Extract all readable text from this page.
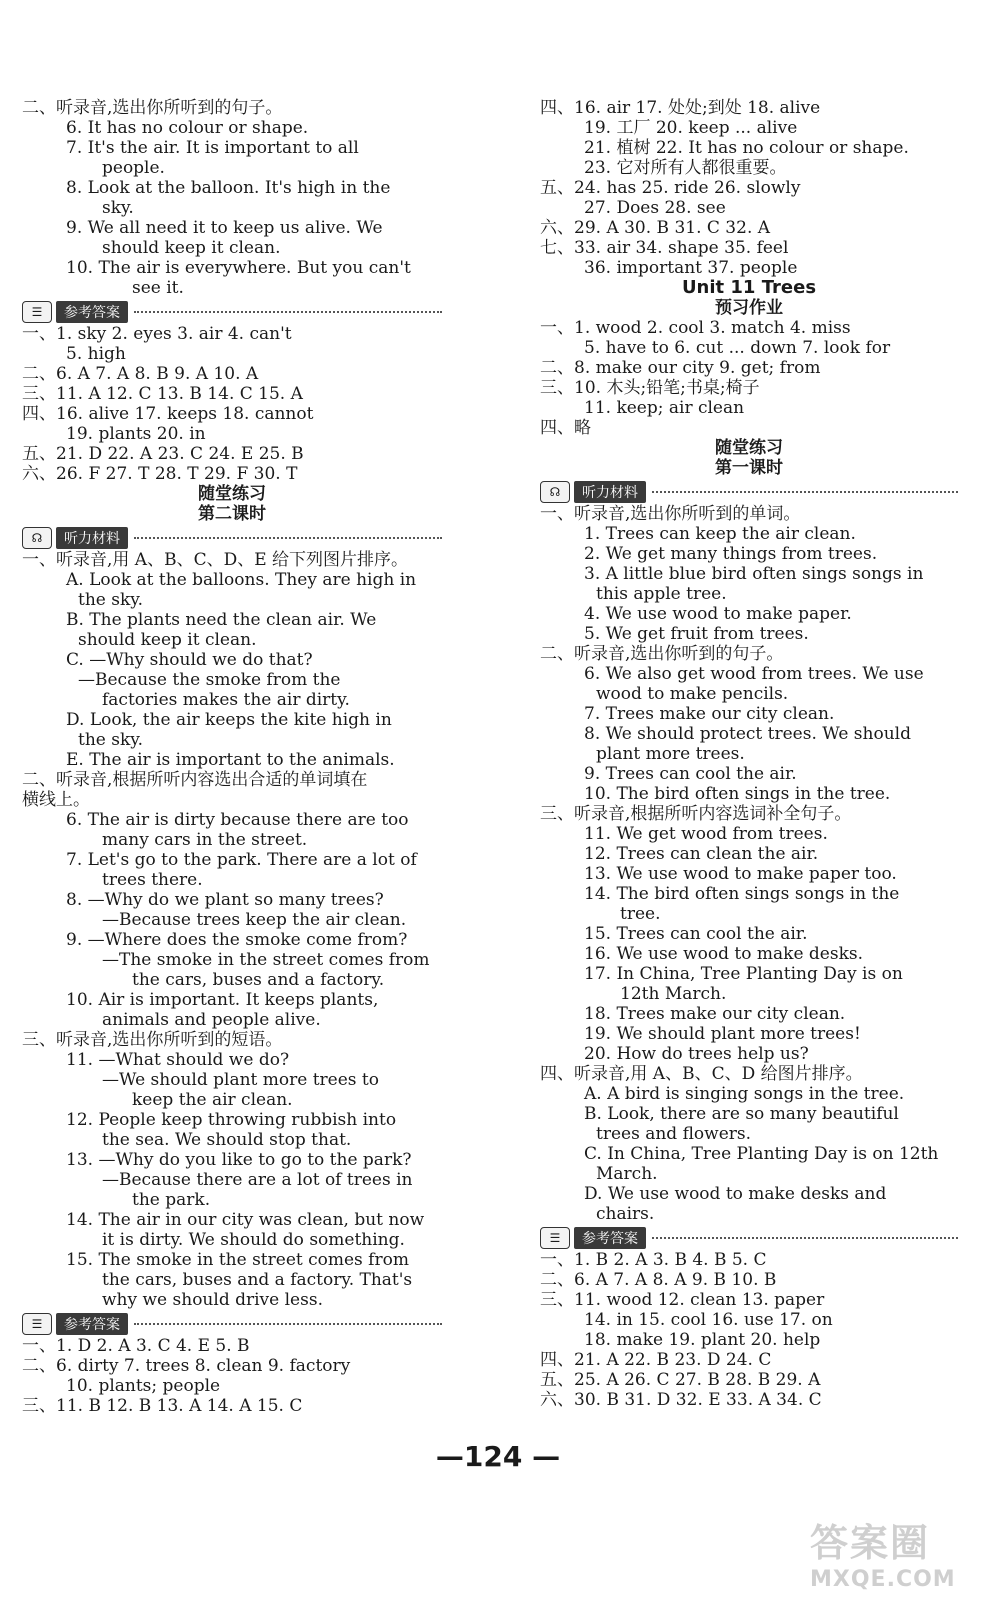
二、听录音,选出你所听到的句子。
6. It has no colour or shape.
7. It's the air. It is important to all
people.
8. Look at the balloon. It's high in the
sky.
9. We all need it to keep us alive. We
should keep it clean.
10. The air is everywhere. But you can't
see it.
☰	参考答案
一、1. sky 2. eyes 3. air 4. can't
5. high
二、6. A 7. A 8. B 9. A 10. A
三、11. A 12. C 13. B 14. C 15. A
四、16. alive 17. keeps 18. cannot
19. plants 20. in
五、21. D 22. A 23. C 24. E 25. B
六、26. F 27. T 28. T 29. F 30. T
随堂练习
第二课时
☊	听力材料
一、听录音,用 A、B、C、D、E 给下列图片排序。
A. Look at the balloons. They are high in
the sky.
B. The plants need the clean air. We
should keep it clean.
C. —Why should we do that?
—Because the smoke from the
factories makes the air dirty.
D. Look, the air keeps the kite high in
the sky.
E. The air is important to the animals.
二、听录音,根据所听内容选出合适的单词填在
横线上。
6. The air is dirty because there are too
many cars in the street.
7. Let's go to the park. There are a lot of
trees there.
8. —Why do we plant so many trees?
—Because trees keep the air clean.
9. —Where does the smoke come from?
—The smoke in the street comes from
the cars, buses and a factory.
10. Air is important. It keeps plants,
animals and people alive.
三、听录音,选出你所听到的短语。
11. —What should we do?
—We should plant more trees to
keep the air clean.
12. People keep throwing rubbish into
the sea. We should stop that.
13. —Why do you like to go to the park?
—Because there are a lot of trees in
the park.
14. The air in our city was clean, but now
it is dirty. We should do something.
15. The smoke in the street comes from
the cars, buses and a factory. That's
why we should drive less.
☰	参考答案
一、1. D 2. A 3. C 4. E 5. B
二、6. dirty 7. trees 8. clean 9. factory
10. plants; people
三、11. B 12. B 13. A 14. A 15. C
四、16. air 17. 处处;到处 18. alive
19. 工厂 20. keep ... alive
21. 植树 22. It has no colour or shape.
23. 它对所有人都很重要。
五、24. has 25. ride 26. slowly
27. Does 28. see
六、29. A 30. B 31. C 32. A
七、33. air 34. shape 35. feel
36. important 37. people
Unit 11 Trees
预习作业
一、1. wood 2. cool 3. match 4. miss
5. have to 6. cut ... down 7. look for
二、8. make our city 9. get; from
三、10. 木头;铅笔;书桌;椅子
11. keep; air clean
四、略
随堂练习
第一课时
☊	听力材料
一、听录音,选出你所听到的单词。
1. Trees can keep the air clean.
2. We get many things from trees.
3. A little blue bird often sings songs in
this apple tree.
4. We use wood to make paper.
5. We get fruit from trees.
二、听录音,选出你听到的句子。
6. We also get wood from trees. We use
wood to make pencils.
7. Trees make our city clean.
8. We should protect trees. We should
plant more trees.
9. Trees can cool the air.
10. The bird often sings in the tree.
三、听录音,根据所听内容选词补全句子。
11. We get wood from trees.
12. Trees can clean the air.
13. We use wood to make paper too.
14. The bird often sings songs in the
tree.
15. Trees can cool the air.
16. We use wood to make desks.
17. In China, Tree Planting Day is on
12th March.
18. Trees make our city clean.
19. We should plant more trees!
20. How do trees help us?
四、听录音,用 A、B、C、D 给图片排序。
A. A bird is singing songs in the tree.
B. Look, there are so many beautiful
trees and flowers.
C. In China, Tree Planting Day is on 12th
March.
D. We use wood to make desks and
chairs.
☰	参考答案
一、1. B 2. A 3. B 4. B 5. C
二、6. A 7. A 8. A 9. B 10. B
三、11. wood 12. clean 13. paper
14. in 15. cool 16. use 17. on
18. make 19. plant 20. help
四、21. A 22. B 23. D 24. C
五、25. A 26. C 27. B 28. B 29. A
六、30. B 31. D 32. E 33. A 34. C
—124 —
答案圈
MXQE.COM
